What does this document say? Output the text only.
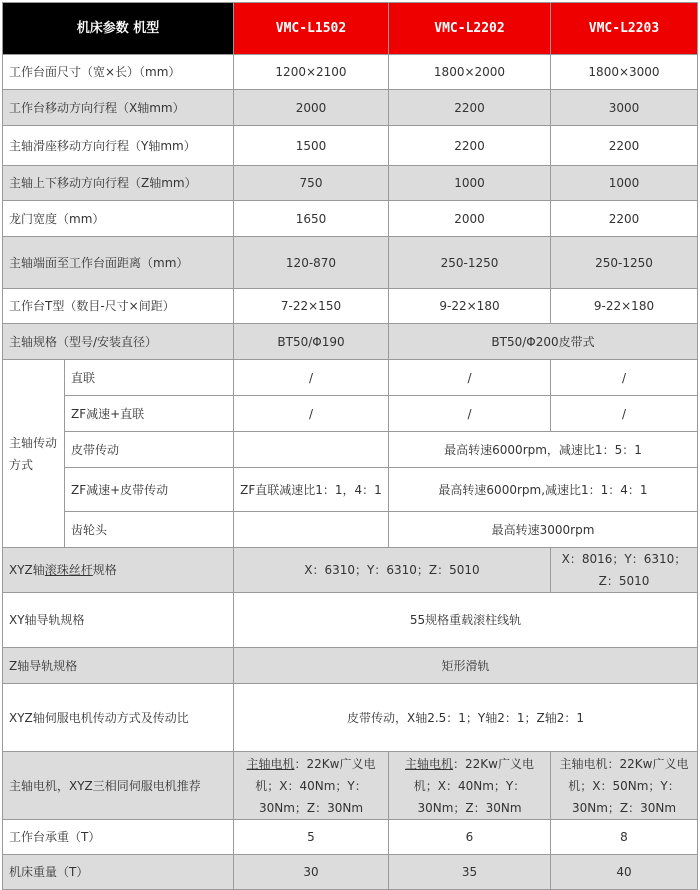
机床参数 机型		VMC-L1502	VMC-L2202	VMC-L2203
工作台面尺寸（宽×长）（mm）		1200×2100	1800×2000	1800×3000
工作台移动方向行程（X轴mm）		2000	2200	3000
主轴滑座移动方向行程（Y轴mm）		1500	2200	2200
主轴上下移动方向行程（Z轴mm）		750	1000	1000
龙门宽度（mm）		1650	2000	2200
主轴端面至工作台面距离（mm）		120-870	250-1250	250-1250
工作台T型（数目-尺寸×间距）		7-22×150	9-22×180	9-22×180
主轴规格（型号/安装直径）		BT50/Φ190	BT50/Φ200皮带式	
主轴传动方式	直联	/	/	/
	ZF减速+直联	/	/	/
	皮带传动		最高转速6000rpm，减速比1：5：1	
	ZF减速+皮带传动	ZF直联减速比1：1，4：1	最高转速6000rpm,减速比1：1：4：1	
	齿轮头		最高转速3000rpm	
XYZ轴滚珠丝杆规格		X：6310；Y：6310；Z：5010		X：8016；Y：6310；Z：5010
XY轴导轨规格		55规格重载滚柱线轨		
Z轴导轨规格		矩形滑轨		
XYZ轴伺服电机传动方式及传动比		皮带传动，X轴2.5：1；Y轴2：1；Z轴2：1		
主轴电机，XYZ三相同伺服电机推荐		主轴电机：22Kw广义电机；X：40Nm；Y：30Nm；Z：30Nm	主轴电机：22Kw广义电机；X：40Nm；Y：30Nm；Z：30Nm	主轴电机：22Kw广义电机；X：50Nm；Y：30Nm；Z：30Nm
工作台承重（T）		5	6	8
机床重量（T）		30	35	40
